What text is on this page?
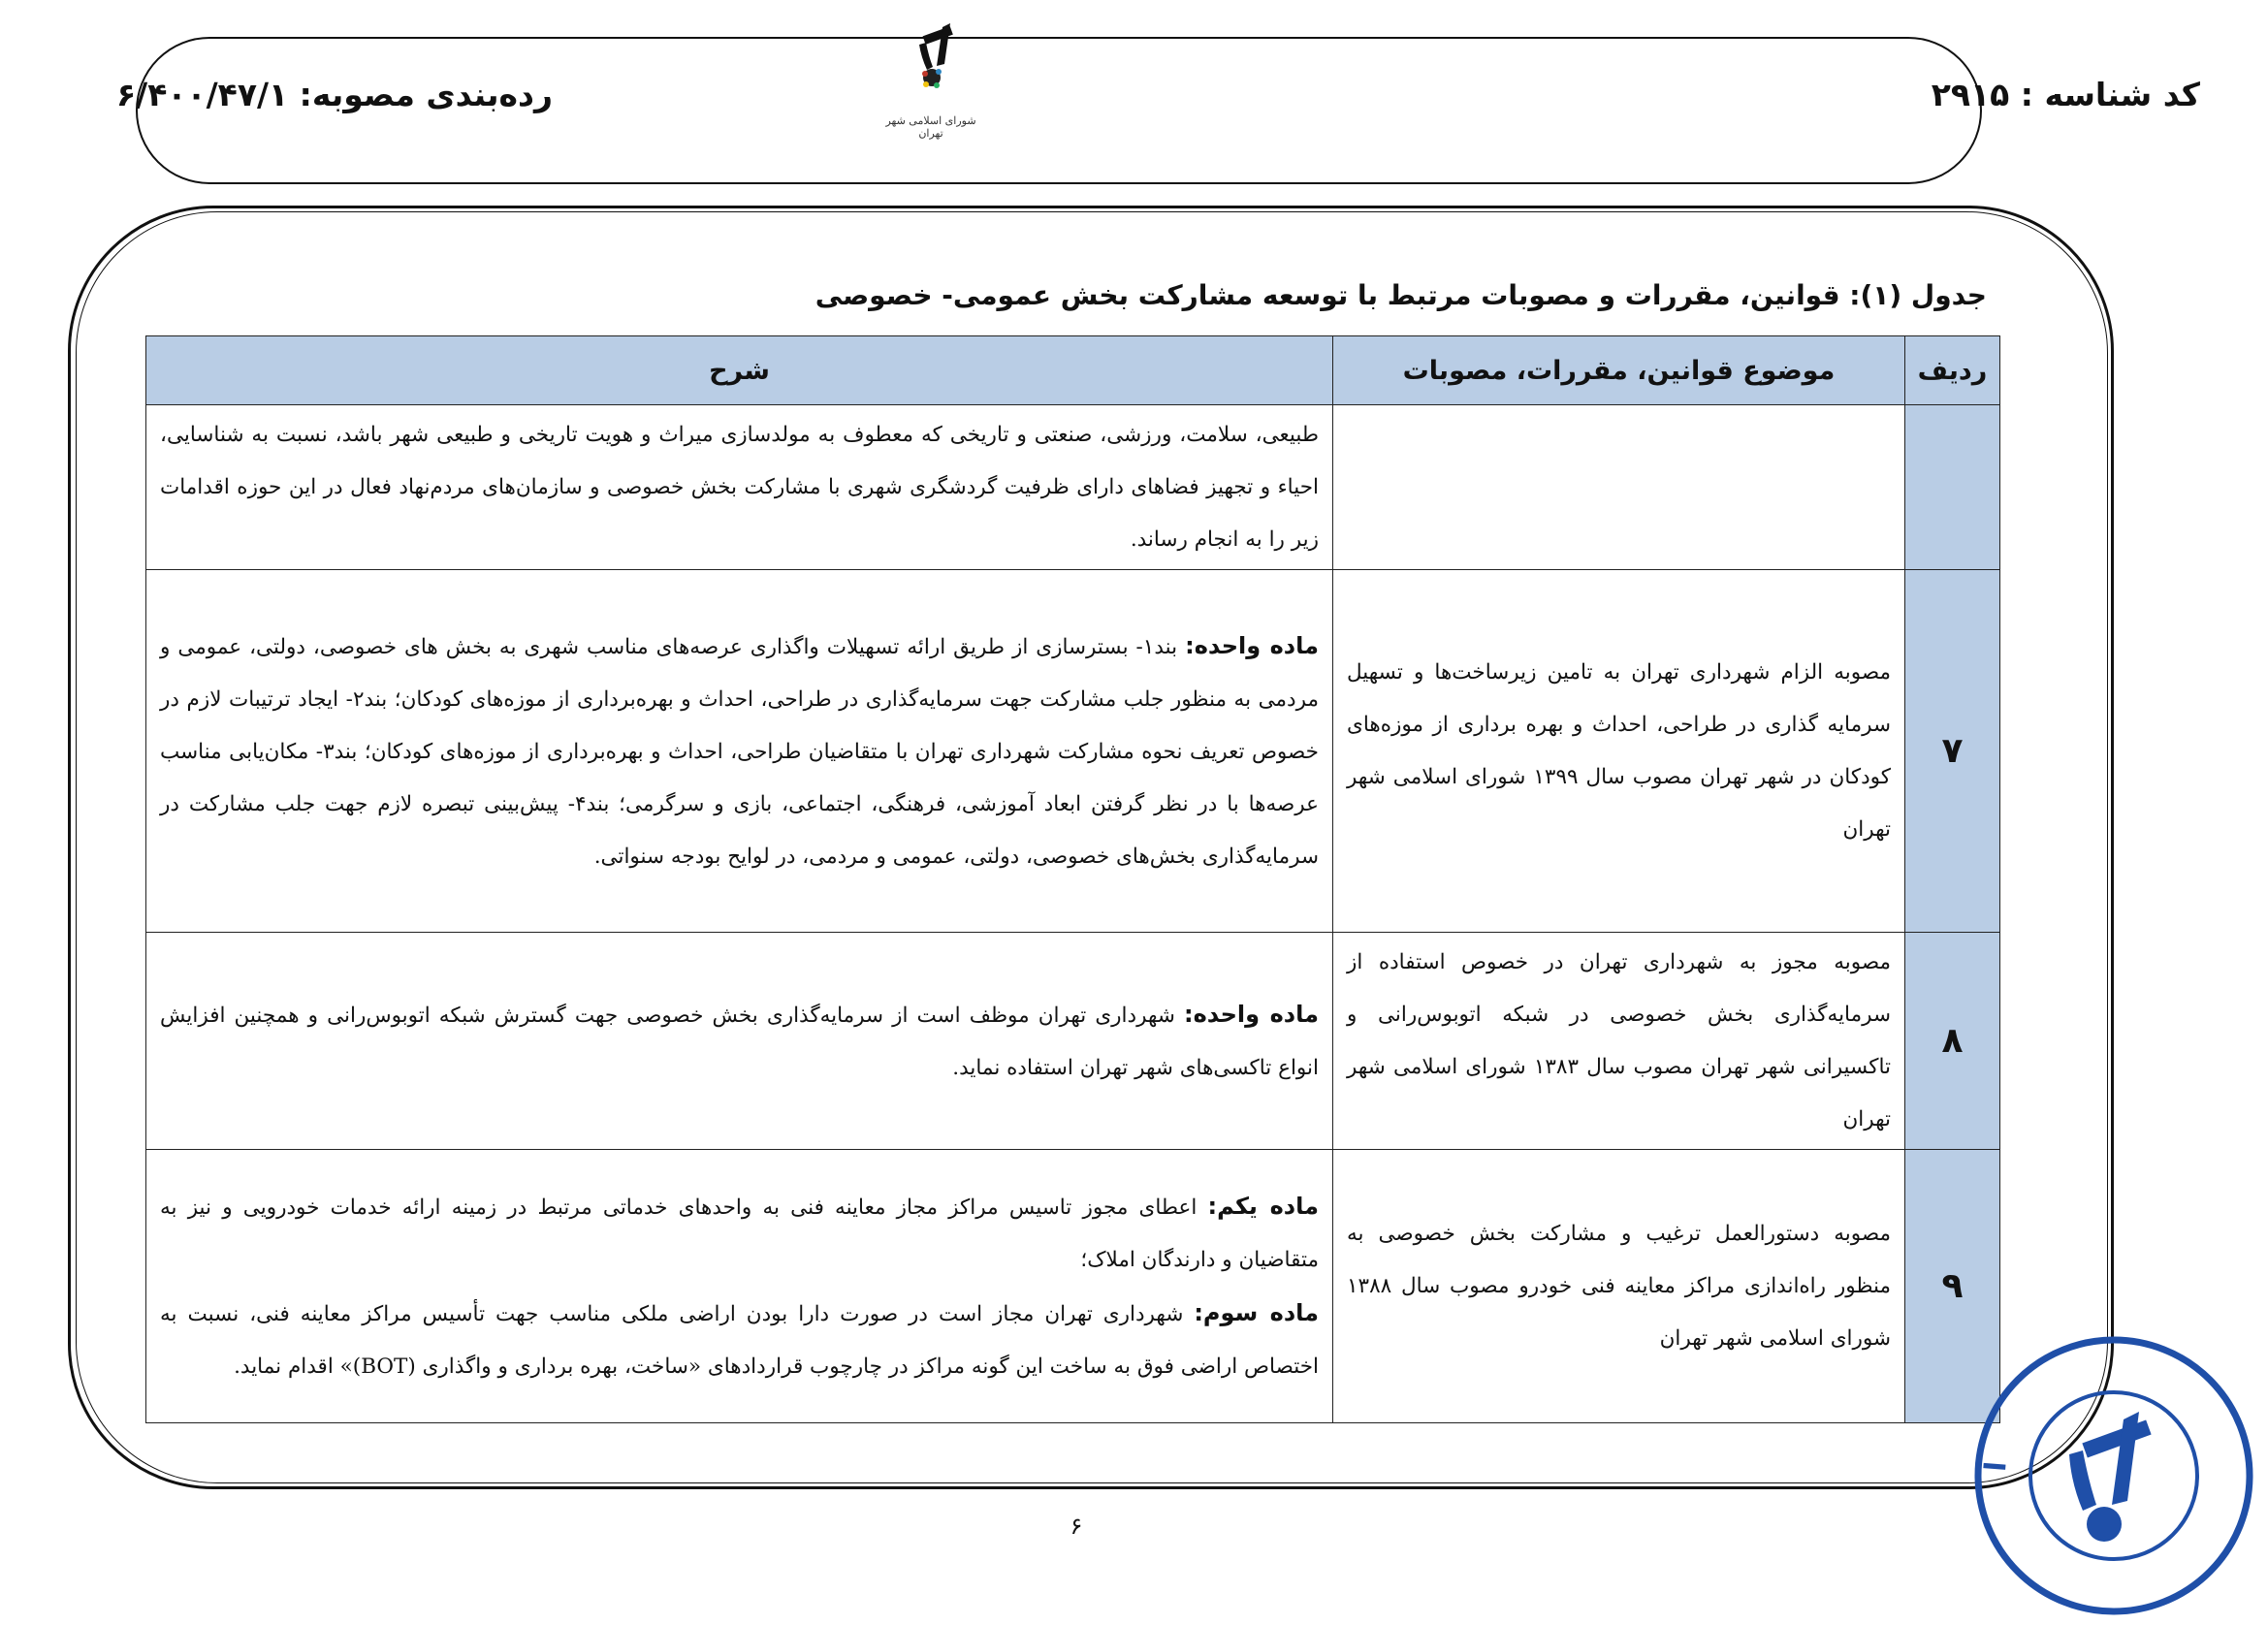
کد شناسه : ۲۹۱۵
رده‌بندی مصوبه: ۶/۴۰۰/۴۷/۱
شورای اسلامی شهر تهران
جدول (۱): قوانین، مقررات و مصوبات مرتبط با توسعه مشارکت بخش عمومی- خصوصی
ردیف	موضوع قوانین، مقررات، مصوبات	شرح
		طبیعی، سلامت، ورزشی، صنعتی و تاریخی که معطوف به مولدسازی میراث و هویت تاریخی و طبیعی شهر باشد، نسبت به شناسایی، احیاء و تجهیز فضاهای دارای ظرفیت گردشگری شهری با مشارکت بخش خصوصی و سازمان‌های مردم‌نهاد فعال در این حوزه اقدامات زیر را به انجام رساند.
۷	مصوبه الزام شهرداری تهران به تامین زیرساخت‌ها و تسهیل سرمایه گذاری در طراحی، احداث و بهره برداری از موزه‌های کودکان در شهر تهران مصوب سال ۱۳۹۹ شورای اسلامی شهر تهران	ماده واحده: بند۱- بسترسازی از طریق ارائه تسهیلات واگذاری عرصه‌های مناسب شهری به بخش های خصوصی، دولتی، عمومی و مردمی به منظور جلب مشارکت جهت سرمایه‌گذاری در طراحی، احداث و بهره‌برداری از موزه‌های کودکان؛ بند۲- ایجاد ترتیبات لازم در خصوص تعریف نحوه مشارکت شهرداری تهران با متقاضیان طراحی، احداث و بهره‌برداری از موزه‌های کودکان؛ بند۳- مکان‌یابی مناسب عرصه‌ها با در نظر گرفتن ابعاد آموزشی، فرهنگی، اجتماعی، بازی و سرگرمی؛ بند۴- پیش‌بینی تبصره لازم جهت جلب مشارکت در سرمایه‌گذاری بخش‌های خصوصی، دولتی، عمومی و مردمی، در لوایح بودجه سنواتی.
۸	مصوبه مجوز به شهرداری تهران در خصوص استفاده از سرمایه‌گذاری بخش خصوصی در شبکه اتوبوس‌رانی و تاکسیرانی شهر تهران مصوب سال ۱۳۸۳ شورای اسلامی شهر تهران	ماده واحده: شهرداری تهران موظف است از سرمایه‌گذاری بخش خصوصی جهت گسترش شبکه اتوبوس‌رانی و همچنین افزایش انواع تاکسی‌های شهر تهران استفاده نماید.
۹	مصوبه دستورالعمل ترغیب و مشارکت بخش خصوصی به منظور راه‌اندازی مراکز معاینه فنی خودرو مصوب سال ۱۳۸۸ شورای اسلامی شهر تهران	ماده یکم: اعطای مجوز تاسیس مراکز مجاز معاینه فنی به واحدهای خدماتی مرتبط در زمینه ارائه خدمات خودرویی و نیز به متقاضیان و دارندگان املاک؛
ماده سوم: شهرداری تهران مجاز است در صورت دارا بودن اراضی ملکی مناسب جهت تأسیس مراکز معاینه فنی، نسبت به اختصاص اراضی فوق به ساخت این گونه مراکز در چارچوب قراردادهای «ساخت، بهره برداری و واگذاری (BOT)» اقدام نماید.
۶
ا
